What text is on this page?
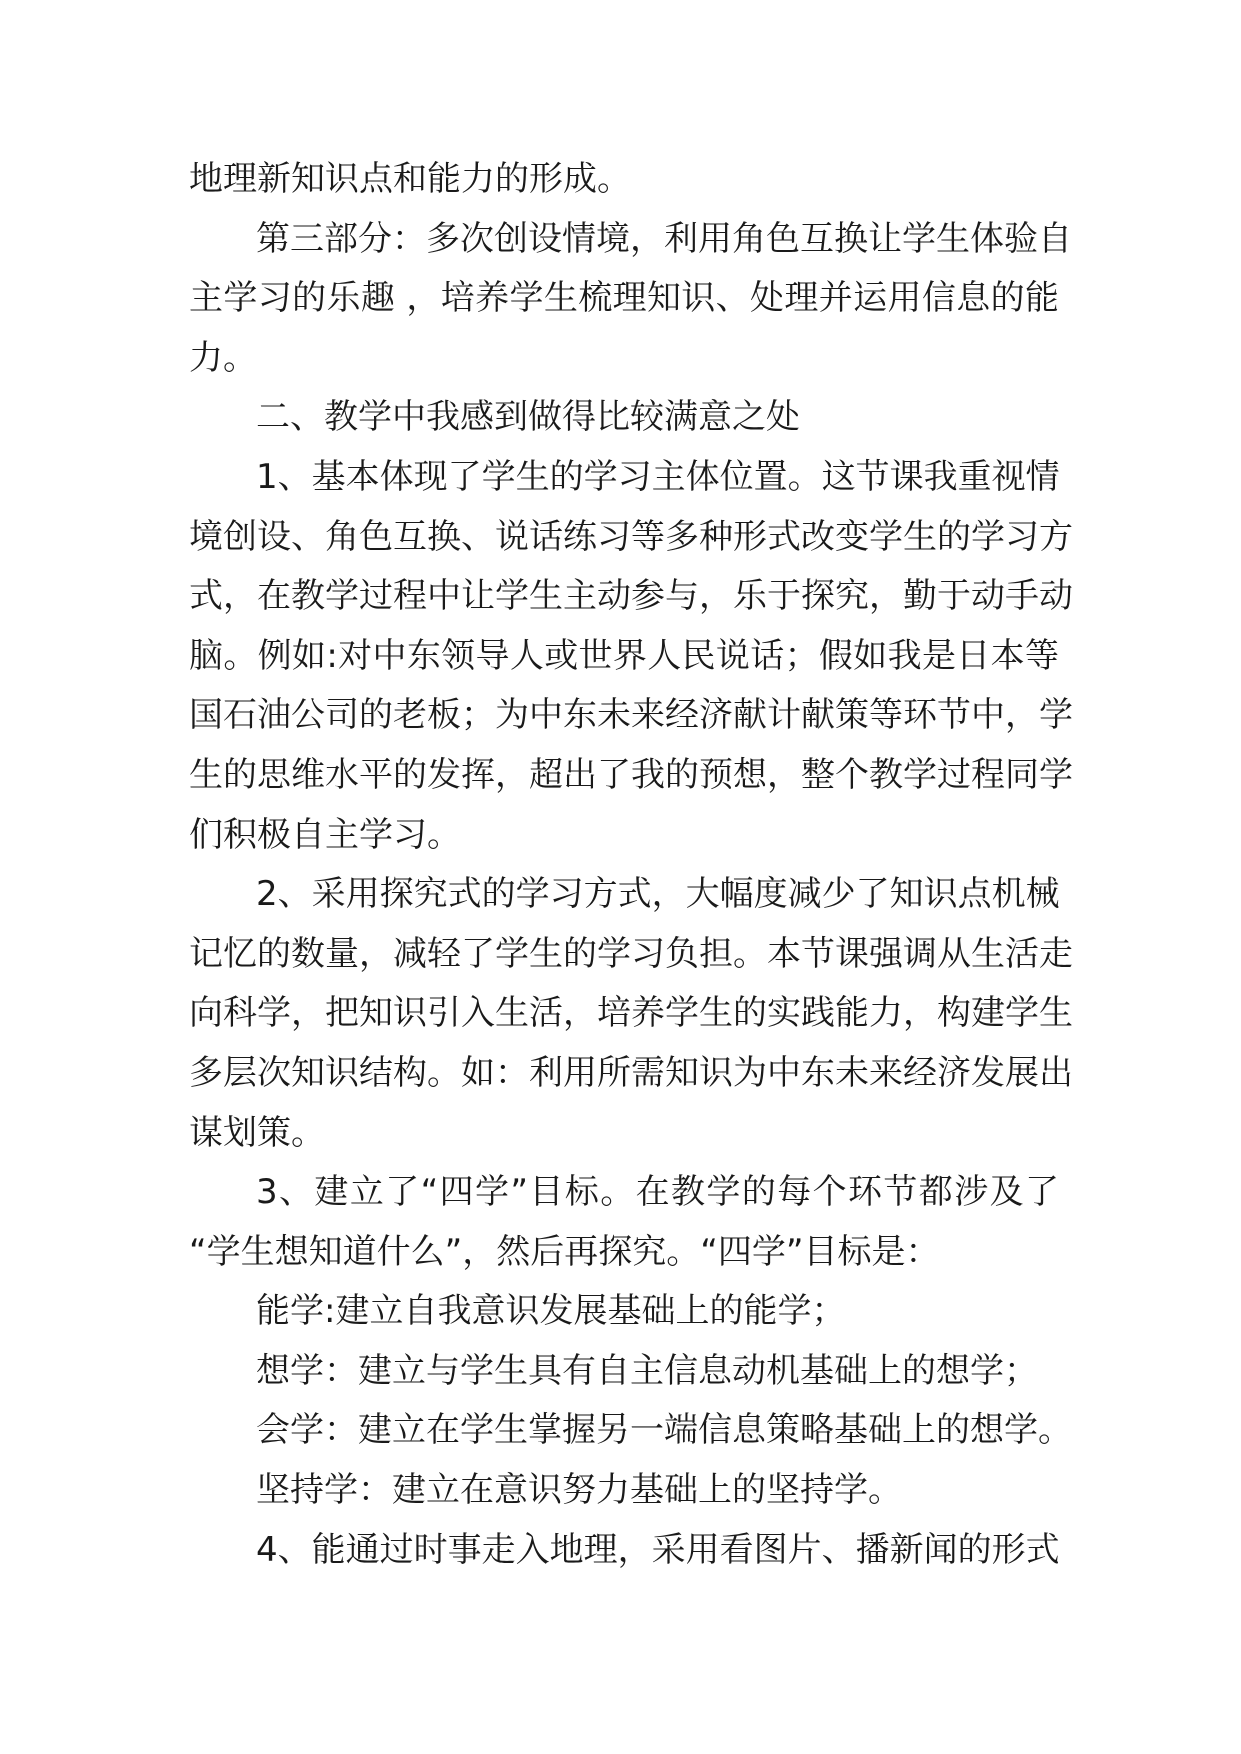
地理新知识点和能力的形成。
第三部分：多次创设情境，利用角色互换让学生体验自
主学习的乐趣 ，培养学生梳理知识、处理并运用信息的能
力。
二、教学中我感到做得比较满意之处
1、基本体现了学生的学习主体位置。这节课我重视情
境创设、角色互换、说话练习等多种形式改变学生的学习方
式，在教学过程中让学生主动参与，乐于探究，勤于动手动
脑。例如:对中东领导人或世界人民说话；假如我是日本等
国石油公司的老板；为中东未来经济献计献策等环节中，学
生的思维水平的发挥，超出了我的预想，整个教学过程同学
们积极自主学习。
2、采用探究式的学习方式，大幅度减少了知识点机械
记忆的数量，减轻了学生的学习负担。本节课强调从生活走
向科学，把知识引入生活，培养学生的实践能力，构建学生
多层次知识结构。如：利用所需知识为中东未来经济发展出
谋划策。
3、建立了“四学”目标。在教学的每个环节都涉及了
“学生想知道什么”，然后再探究。“四学”目标是：
能学:建立自我意识发展基础上的能学；
想学：建立与学生具有自主信息动机基础上的想学；
会学：建立在学生掌握另一端信息策略基础上的想学。
坚持学：建立在意识努力基础上的坚持学。
4、能通过时事走入地理，采用看图片、播新闻的形式
